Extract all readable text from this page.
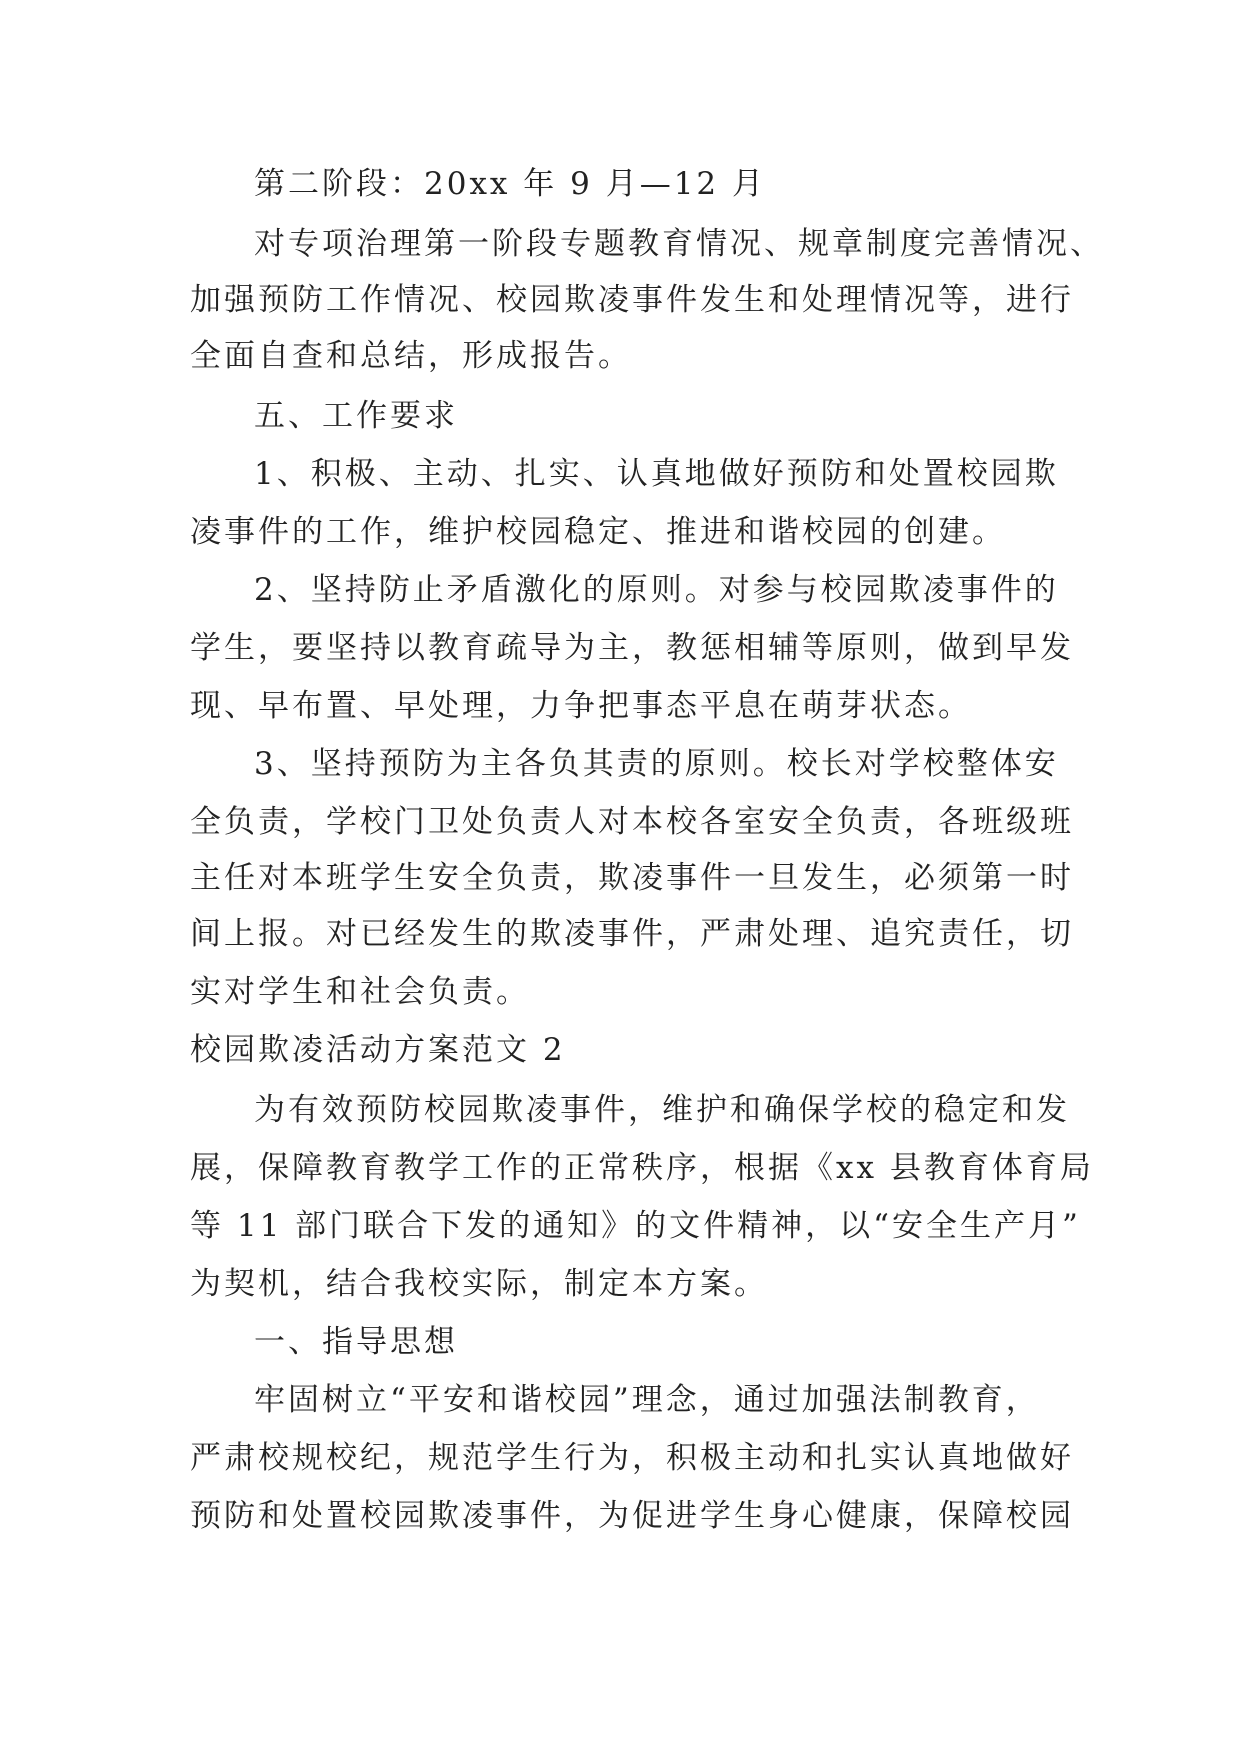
第二阶段：20xx 年 9 月—12 月
对专项治理第一阶段专题教育情况、规章制度完善情况、
加强预防工作情况、校园欺凌事件发生和处理情况等，进行
全面自查和总结，形成报告。
五、工作要求
1、积极、主动、扎实、认真地做好预防和处置校园欺
凌事件的工作，维护校园稳定、推进和谐校园的创建。
2、坚持防止矛盾激化的原则。对参与校园欺凌事件的
学生，要坚持以教育疏导为主，教惩相辅等原则，做到早发
现、早布置、早处理，力争把事态平息在萌芽状态。
3、坚持预防为主各负其责的原则。校长对学校整体安
全负责，学校门卫处负责人对本校各室安全负责，各班级班
主任对本班学生安全负责，欺凌事件一旦发生，必须第一时
间上报。对已经发生的欺凌事件，严肃处理、追究责任，切
实对学生和社会负责。
校园欺凌活动方案范文 2
为有效预防校园欺凌事件，维护和确保学校的稳定和发
展，保障教育教学工作的正常秩序，根据《xx 县教育体育局
等 11 部门联合下发的通知》的文件精神，以“安全生产月”
为契机，结合我校实际，制定本方案。
一、指导思想
牢固树立“平安和谐校园”理念，通过加强法制教育，
严肃校规校纪，规范学生行为，积极主动和扎实认真地做好
预防和处置校园欺凌事件，为促进学生身心健康，保障校园
